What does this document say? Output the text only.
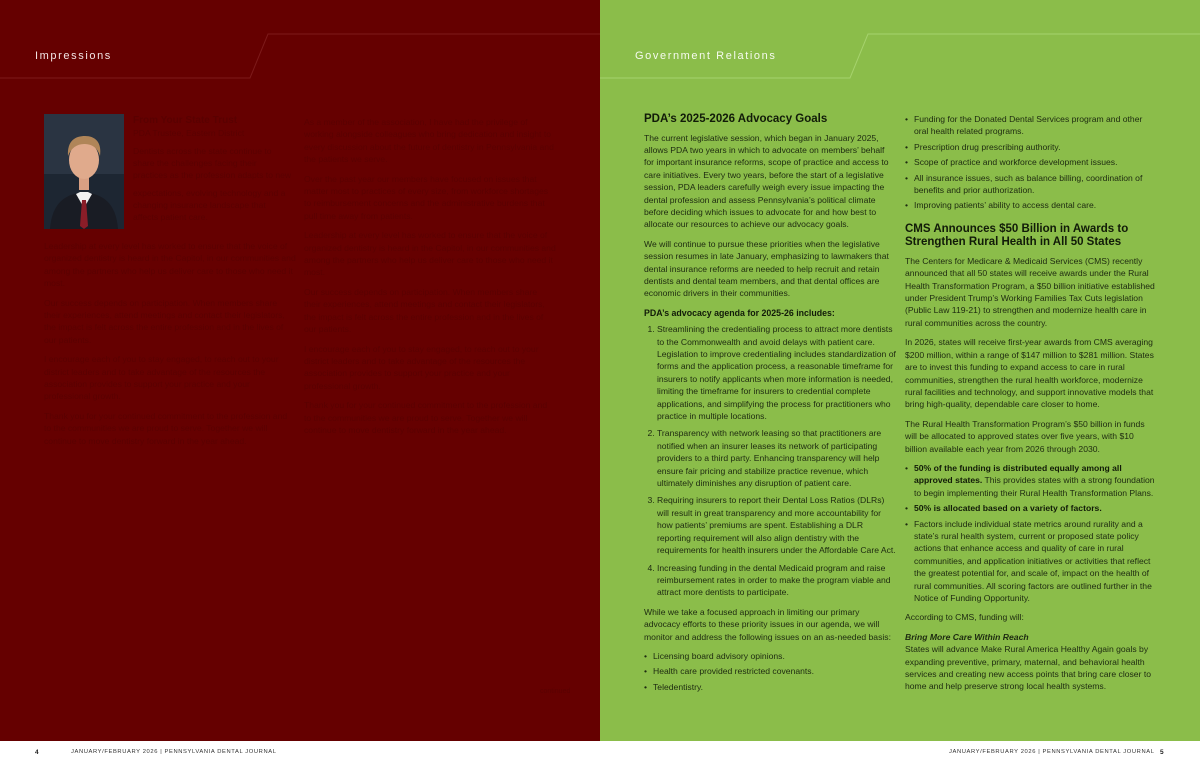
Impressions
From Your State Trust
PDA Trustee, Eastern District
Dentists across the state continue to share the challenges facing their practices as the profession adapts to new
expectations, evolving technology and a changing insurance landscape that affects patient care.

As a member of the association, I have had the privilege of working alongside colleagues who bring dedication and insight to every discussion about the future of dentistry in Pennsylvania and the patients we serve.

Over the past year our members have focused on issues that matter most to practices of every size, from workforce shortages to reimbursement concerns and the administrative burdens that pull time away from patients.

Leadership at every level has worked to ensure that the voice of organized dentistry is heard in the Capitol, in our communities and among the partners who help us deliver care to those who need it most.

Our success depends on participation. When members share their experiences, attend meetings and contact their legislators, the impact is felt across the entire profession and in the lives of our patients.

I encourage each of you to stay engaged, to reach out to your district leaders and to take advantage of the resources the association provides to support your practice and your professional growth.

Thank you for your continued commitment to the profession and to the communities we are proud to serve. Together we will continue to move dentistry forward in the year ahead.

Leadership at every level has worked to ensure that the voice of organized dentistry is heard in the Capitol, in our communities and among the partners who help us deliver care to those who need it most.

Our success depends on participation. When members share their experiences, attend meetings and contact their legislators, the impact is felt across the entire profession and in the lives of our patients.

I encourage each of you to stay engaged, to reach out to your district leaders and to take advantage of the resources the association provides to support your practice and your professional growth.

Thank you for your continued commitment to the profession and to the communities we are proud to serve. Together we will continue to move dentistry forward in the year ahead.

continued
Government Relations
PDA’s 2025-2026 Advocacy Goals

The current legislative session, which began in January 2025, allows PDA two years in which to advocate on members’ behalf for important insurance reforms, scope of practice and access to care initiatives. Every two years, before the start of a legislative session, PDA leaders carefully weigh every issue impacting the dental profession and assess Pennsylvania’s political climate before deciding which issues to advocate for and how best to allocate our resources to achieve our advocacy goals.

We will continue to pursue these priorities when the legislative session resumes in late January, emphasizing to lawmakers that dental insurance reforms are needed to help recruit and retain dentists and dental team members, and that dental offices are economic drivers in their communities.

PDA’s advocacy agenda for 2025-26 includes:
1. Streamlining the credentialing process to attract more dentists to the Commonwealth and avoid delays with patient care. Legislation to improve credentialing includes standardization of forms and the application process, a reasonable timeframe for insurers to notify applicants when more information is needed, limiting the timeframe for insurers to credential complete applications, and simplifying the process for practitioners who practice in multiple locations.
2. Transparency with network leasing so that practitioners are notified when an insurer leases its network of participating providers to a third party. Enhancing transparency will help ensure fair pricing and stabilize practice revenue, which ultimately diminishes any disruption of patient care.
3. Requiring insurers to report their Dental Loss Ratios (DLRs) will result in great transparency and more accountability for how patients’ premiums are spent. Establishing a DLR reporting requirement will also align dentistry with the requirements for health insurers under the Affordable Care Act.
4. Increasing funding in the dental Medicaid program and raise reimbursement rates in order to make the program viable and attract more dentists to participate.

While we take a focused approach in limiting our primary advocacy efforts to these priority issues in our agenda, we will monitor and address the following issues on an as-needed basis:

• Licensing board advisory opinions.
• Health care provided restricted covenants.
• Teledentistry.
• Funding for the Donated Dental Services program and other oral health related programs.
• Prescription drug prescribing authority.
• Scope of practice and workforce development issues.
• All insurance issues, such as balance billing, coordination of benefits and prior authorization.
• Improving patients’ ability to access dental care.
CMS Announces $50 Billion in Awards to Strengthen Rural Health in All 50 States

The Centers for Medicare & Medicaid Services (CMS) recently announced that all 50 states will receive awards under the Rural Health Transformation Program, a $50 billion initiative established under President Trump’s Working Families Tax Cuts legislation (Public Law 119-21) to strengthen and modernize health care in rural communities across the country.

In 2026, states will receive first-year awards from CMS averaging $200 million, within a range of $147 million to $281 million. States are to invest this funding to expand access to care in rural communities, strengthen the rural health workforce, modernize rural facilities and technology, and support innovative models that bring high-quality, dependable care closer to home.

The Rural Health Transformation Program’s $50 billion in funds will be allocated to approved states over five years, with $10 billion available each year from 2026 through 2030.

• 50% of the funding is distributed equally among all approved states. This provides states with a strong foundation to begin implementing their Rural Health Transformation Plans.
• 50% is allocated based on a variety of factors.
• Factors include individual state metrics around rurality and a state’s rural health system, current or proposed state policy actions that enhance access and quality of care in rural communities, and application initiatives or activities that reflect the greatest potential for, and scale of, impact on the health of rural communities. All scoring factors are outlined further in the Notice of Funding Opportunity.

According to CMS, funding will:

Bring More Care Within Reach

States will advance Make Rural America Healthy Again goals by expanding preventive, primary, maternal, and behavioral health services and creating new access points that bring care closer to home and help preserve strong local health systems.

4	JANUARY/FEBRUARY 2026 | PENNSYLVANIA DENTAL JOURNAL	JANUARY/FEBRUARY 2026 | PENNSYLVANIA DENTAL JOURNAL 5
